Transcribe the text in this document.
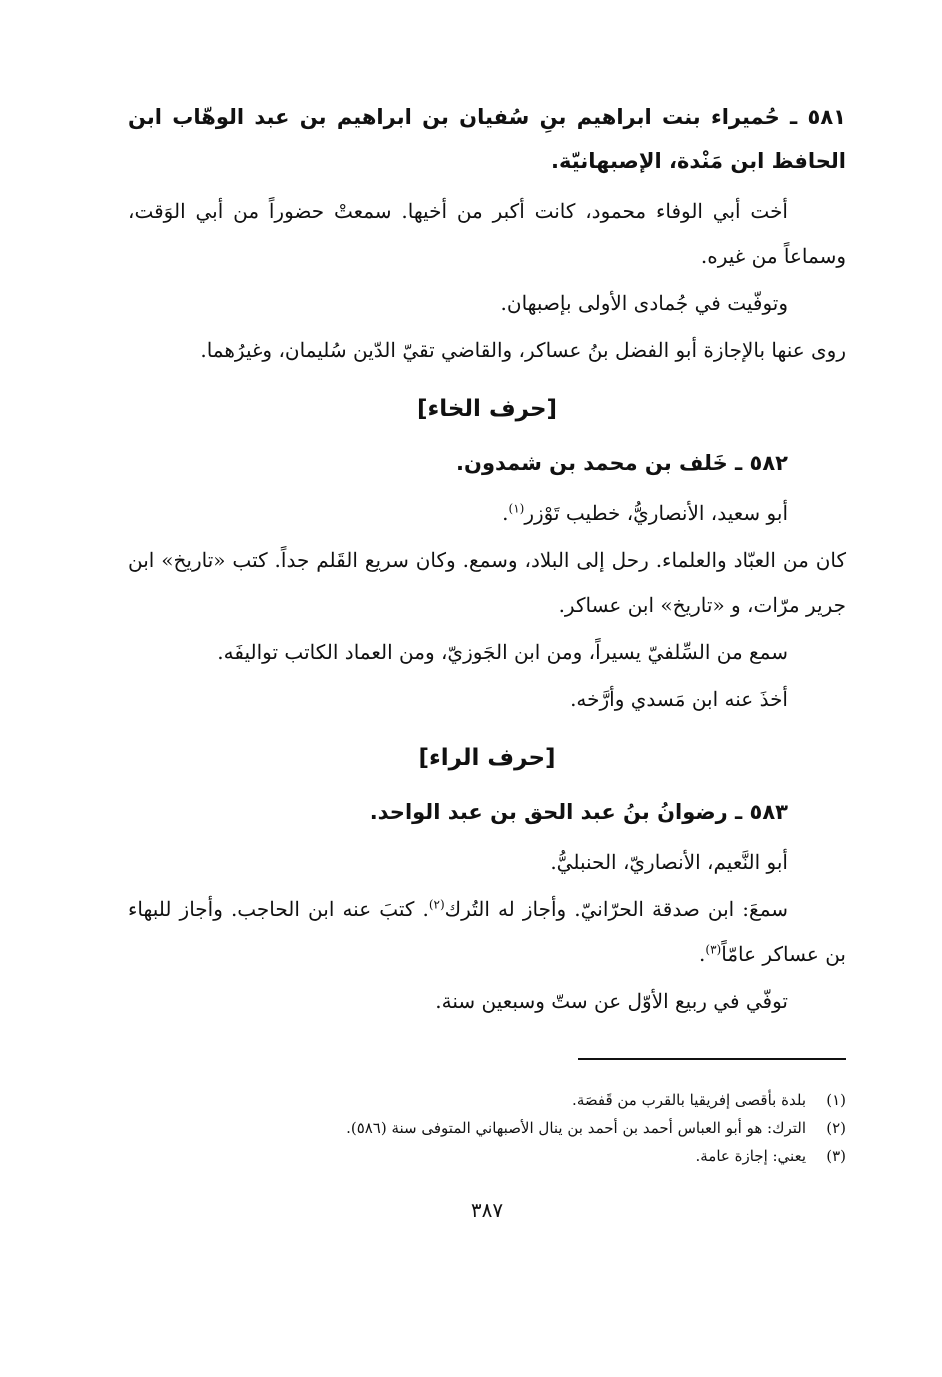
٥٨١ ـ حُميراء بنت ابراهيم بنِ سُفيان بن ابراهيم بن عبد الوهّاب ابن الحافظ ابن مَنْدة، الإصبهانيّة.

أخت أبي الوفاء محمود، كانت أكبر من أخيها. سمعتْ حضوراً من أبي الوَقت، وسماعاً من غيره.

وتوفّيت في جُمادى الأولى بإصبهان.

روى عنها بالإجازة أبو الفضل بنُ عساكر، والقاضي تقيّ الدّين سُليمان، وغيرُهما.

[حرف الخاء]

٥٨٢ ـ خَلف بن محمد بن شمدون.

أبو سعيد، الأنصاريُّ، خطيب تَوْزر$^{(١)}$.

كان من العبّاد والعلماء. رحل إلى البلاد، وسمع. وكان سريع القَلم جداً. كتب «تاريخ» ابن جرير مرّات، و «تاريخ» ابن عساكر.

سمع من السِّلفيّ يسيراً، ومن ابن الجَوزيّ، ومن العماد الكاتب تواليفَه.

أخذَ عنه ابن مَسدي وأرَّخه.

[حرف الراء]

٥٨٣ ـ رضوانُ بنُ عبد الحق بن عبد الواحد.

أبو النَّعيم، الأنصاريّ، الحنبليُّ.

سمعَ: ابن صدقة الحرّانيّ. وأجاز له التُرك$^{(٢)}$. كتبَ عنه ابن الحاجب. وأجاز للبهاء بن عساكر عامّاً$^{(٣)}$.

توفّي في ربيع الأوّل عن ستّ وسبعين سنة.

(١)بلدة بأقصى إفريقيا بالقرب من قَفصَة.

(٢)الترك: هو أبو العباس أحمد بن أحمد بن ينال الأصبهاني المتوفى سنة (٥٨٦).

(٣)يعني: إجازة عامة.

٣٨٧
